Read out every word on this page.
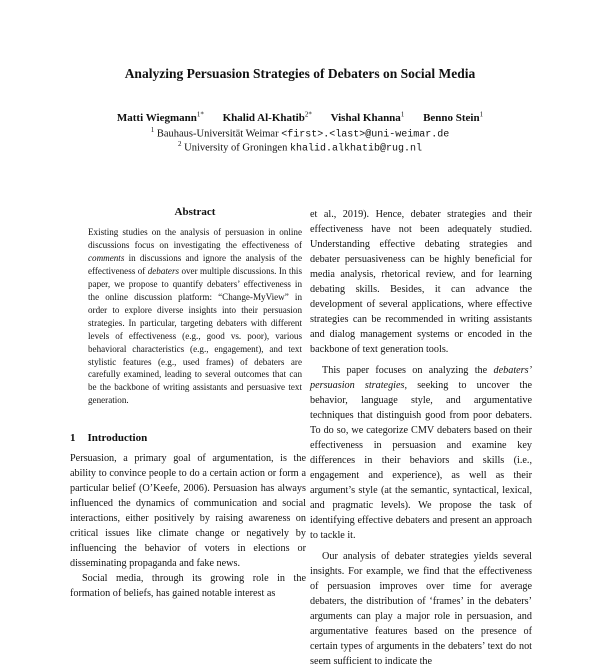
Analyzing Persuasion Strategies of Debaters on Social Media
Matti Wiegmann$^{1*}$ Khalid Al-Khatib$^{2*}$ Vishal Khanna$^1$ Benno Stein$^1$
$^1$ Bauhaus-Universität Weimar <first>.<last>@uni-weimar.de
$^2$ University of Groningen khalid.alkhatib@rug.nl
Abstract
Existing studies on the analysis of persuasion in online discussions focus on investigating the effectiveness of comments in discussions and ignore the analysis of the effectiveness of debaters over multiple discussions. In this paper, we propose to quantify debaters’ effectiveness in the online discussion platform: “Change-MyView” in order to explore diverse insights into their persuasion strategies. In particular, targeting debaters with different levels of effectiveness (e.g., good vs. poor), various behavioral characteristics (e.g., engagement), and text stylistic features (e.g., used frames) of debaters are carefully examined, leading to several outcomes that can be the backbone of writing assistants and persuasive text generation.
1 Introduction

Persuasion, a primary goal of argumentation, is the ability to convince people to do a certain action or form a particular belief (O’Keefe, 2006). Persuasion has always influenced the dynamics of communication and social interactions, either positively by raising awareness on critical issues like climate change or negatively by influencing the behavior of voters in elections or disseminating propaganda and fake news.

Social media, through its growing role in the formation of beliefs, has gained notable interest as

et al., 2019). Hence, debater strategies and their effectiveness have not been adequately studied. Understanding effective debating strategies and debater persuasiveness can be highly beneficial for media analysis, rhetorical review, and for learning debating skills. Besides, it can advance the development of several applications, where effective strategies can be recommended in writing assistants and dialog management systems or encoded in the backbone of text generation tools.

This paper focuses on analyzing the debaters’ persuasion strategies, seeking to uncover the behavior, language style, and argumentative techniques that distinguish good from poor debaters. To do so, we categorize CMV debaters based on their effectiveness in persuasion and examine key differences in their behaviors and skills (i.e., engagement and experience), as well as their argument’s style (at the semantic, syntactical, lexical, and pragmatic levels). We propose the task of identifying effective debaters and present an approach to tackle it.

Our analysis of debater strategies yields several insights. For example, we find that the effectiveness of persuasion improves over time for average debaters, the distribution of ‘frames’ in the debaters’ arguments can play a major role in persuasion, and argumentative features based on the presence of certain types of arguments in the debaters’ text do not seem sufficient to indicate the
